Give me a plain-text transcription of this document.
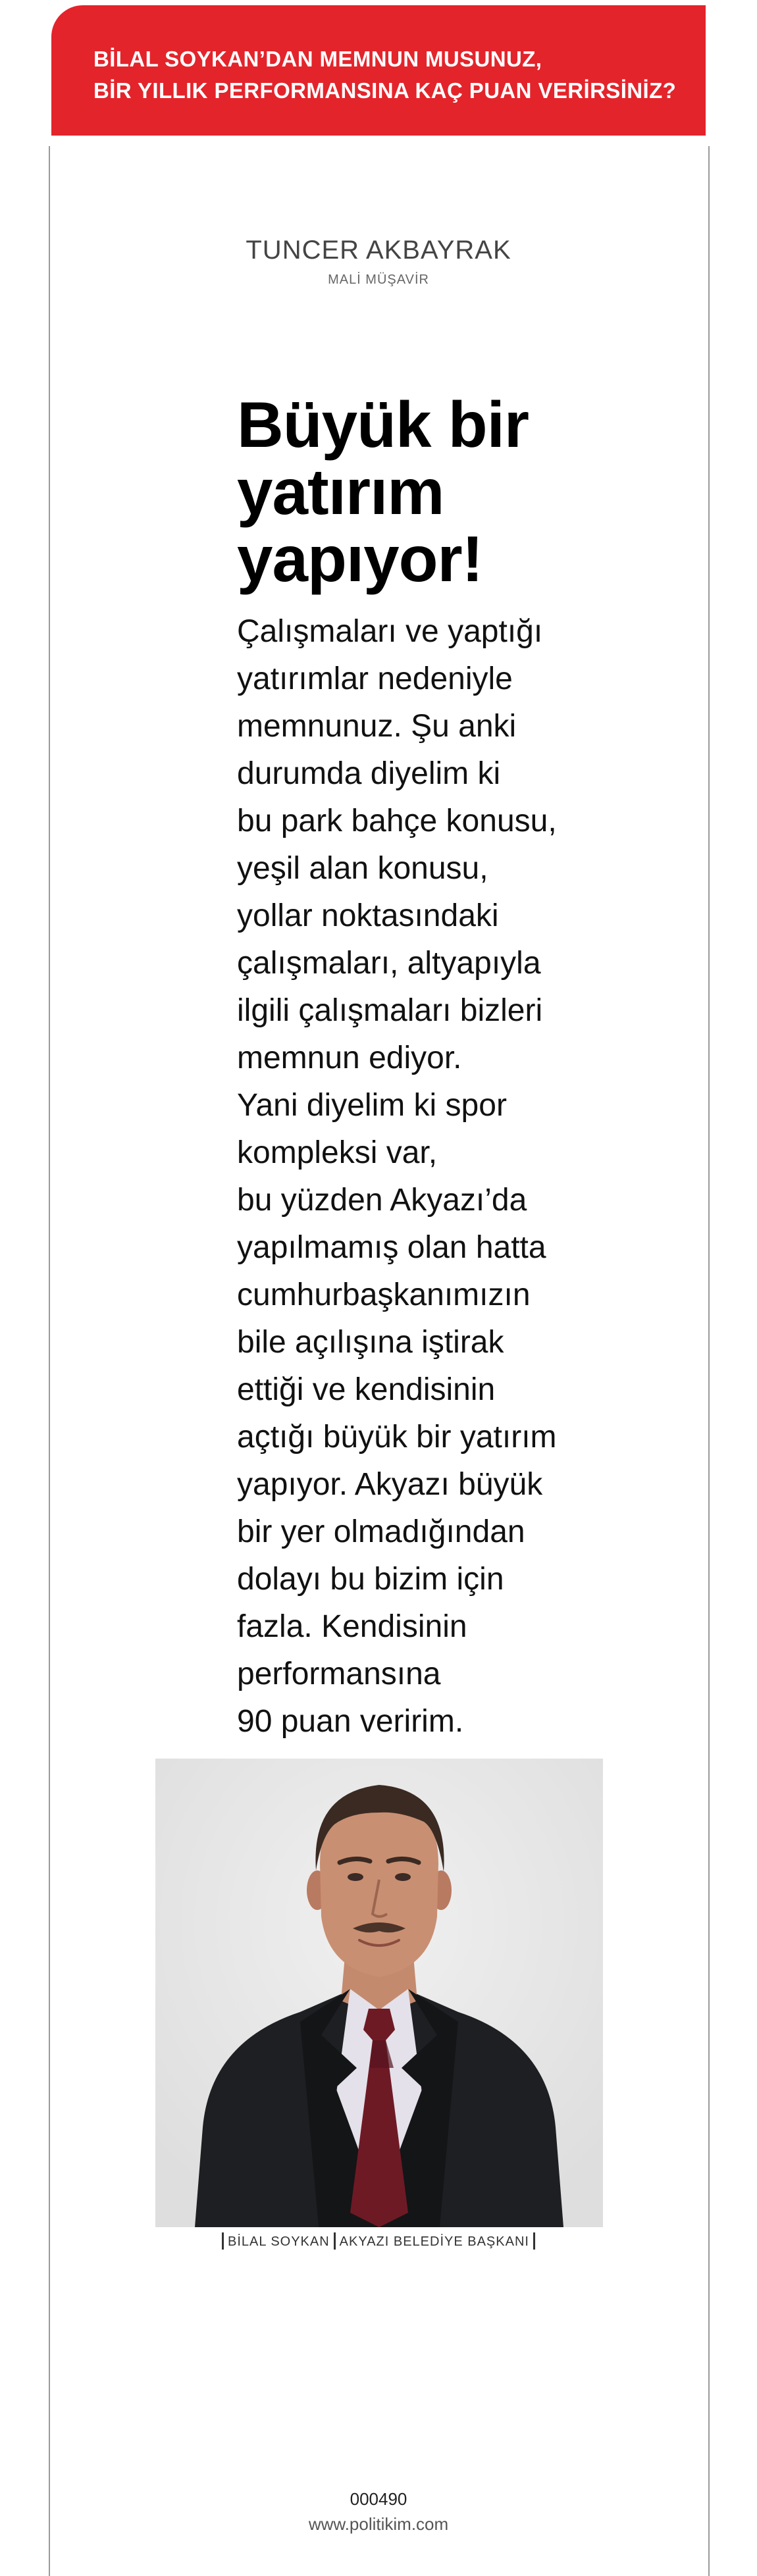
BİLAL SOYKAN’DAN MEMNUN MUSUNUZ,
BİR YILLIK PERFORMANSINA KAÇ PUAN VERİRSİNİZ?
TUNCER AKBAYRAK
MALİ MÜŞAVİR
Büyük bir
yatırım
yapıyor!
Çalışmaları ve yaptığı
yatırımlar nedeniyle
memnunuz. Şu anki
durumda diyelim ki
bu park bahçe konusu,
yeşil alan konusu,
yollar noktasındaki
çalışmaları, altyapıyla
ilgili çalışmaları bizleri
memnun ediyor.
Yani diyelim ki spor
kompleksi var,
bu yüzden Akyazı’da
yapılmamış olan hatta
cumhurbaşkanımızın
bile açılışına iştirak
ettiği ve kendisinin
açtığı büyük bir yatırım
yapıyor. Akyazı büyük
bir yer olmadığından
dolayı bu bizim için
fazla. Kendisinin
performansına
90 puan veririm.
BİLAL SOYKAN AKYAZI BELEDİYE BAŞKANI
000490
www.politikim.com
